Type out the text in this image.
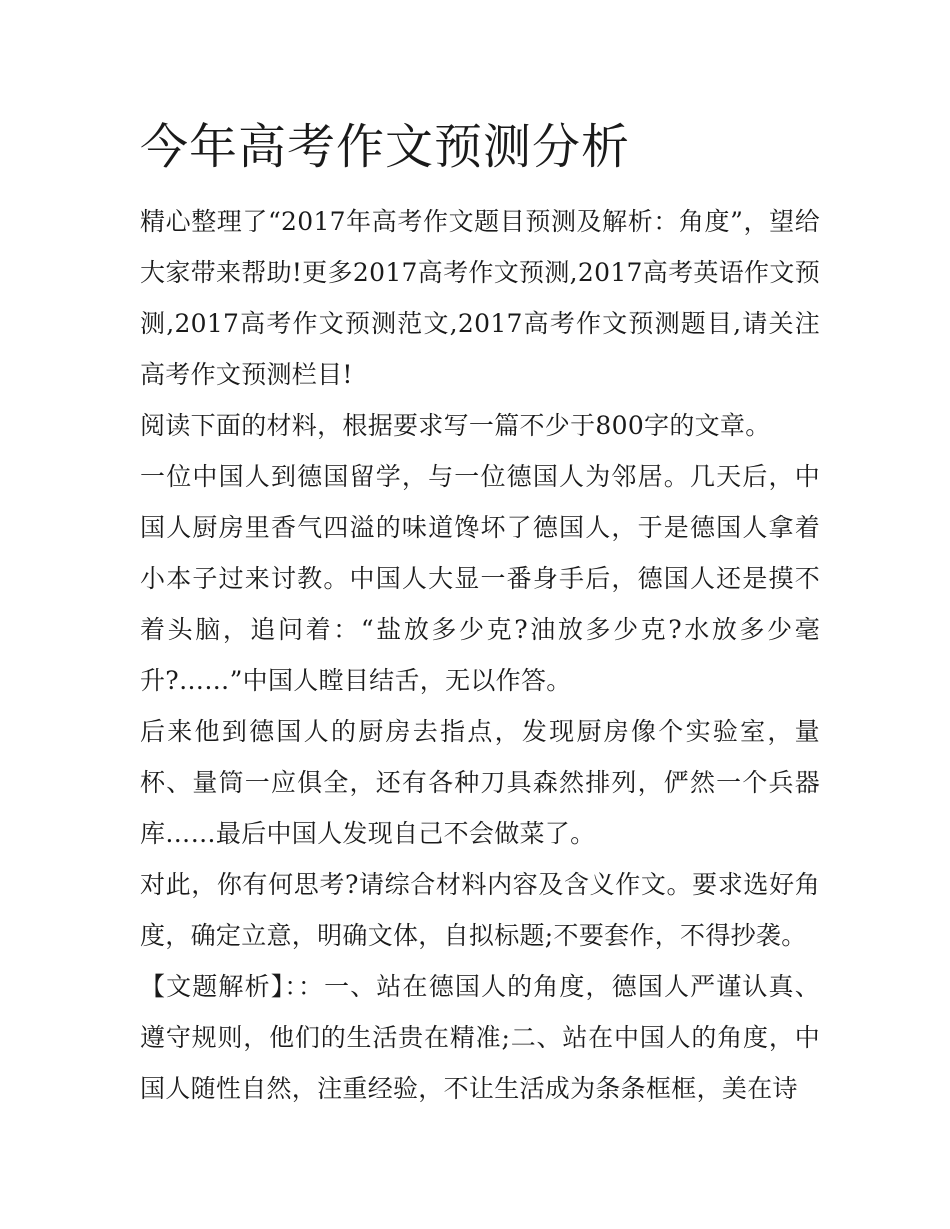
今年高考作文预测分析

精心整理了“2017年高考作文题目预测及解析：角度”，望给大家带来帮助!更多2017高考作文预测,2017高考英语作文预测,2017高考作文预测范文,2017高考作文预测题目,请关注高考作文预测栏目!

阅读下面的材料，根据要求写一篇不少于800字的文章。

一位中国人到德国留学，与一位德国人为邻居。几天后，中国人厨房里香气四溢的味道馋坏了德国人，于是德国人拿着小本子过来讨教。中国人大显一番身手后，德国人还是摸不着头脑，追问着：“盐放多少克?油放多少克?水放多少毫升?……”中国人瞠目结舌，无以作答。

后来他到德国人的厨房去指点，发现厨房像个实验室，量杯、量筒一应俱全，还有各种刀具森然排列，俨然一个兵器库……最后中国人发现自己不会做菜了。

对此，你有何思考?请综合材料内容及含义作文。要求选好角度，确定立意，明确文体，自拟标题;不要套作，不得抄袭。

【文题解析】：：一、站在德国人的角度，德国人严谨认真、遵守规则，他们的生活贵在精准;二、站在中国人的角度，中国人随性自然，注重经验，不让生活成为条条框框，美在诗
